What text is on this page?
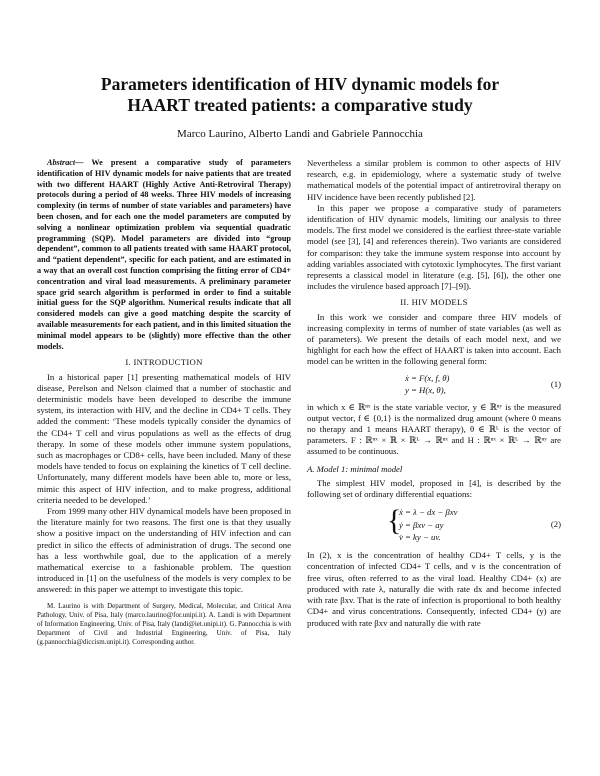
Parameters identification of HIV dynamic models for
HAART treated patients: a comparative study
Marco Laurino, Alberto Landi and Gabriele Pannocchia

Abstract— We present a comparative study of parameters identification of HIV dynamic models for naive patients that are treated with two different HAART (Highly Active Anti-Retroviral Therapy) protocols during a period of 48 weeks. Three HIV models of increasing complexity (in terms of number of state variables and parameters) have been chosen, and for each one the model parameters are computed by solving a nonlinear optimization problem via sequential quadratic programming (SQP). Model parameters are divided into “group dependent”, common to all patients treated with same HAART protocol, and “patient dependent”, specific for each patient, and are estimated in a way that an overall cost function comprising the fitting error of CD4+ concentration and viral load measurements. A preliminary parameter space grid search algorithm is performed in order to find a suitable initial guess for the SQP algorithm. Numerical results indicate that all considered models can give a good matching despite the scarcity of available measurements for each patient, and in this limited situation the minimal model appears to be (slightly) more effective than the other models.

I. INTRODUCTION

In a historical paper [1] presenting mathematical models of HIV disease, Perelson and Nelson claimed that a number of stochastic and deterministic models have been developed to describe the immune system, its interaction with HIV, and the decline in CD4+ T cells. They added the comment: ‘These models typically consider the dynamics of the CD4+ T cell and virus populations as well as the effects of drug therapy. In some of these models other immune system populations, such as macrophages or CD8+ cells, have been included. Many of these models have tended to focus on explaining the kinetics of T cell decline. Unfortunately, many different models have been able to, more or less, mimic this aspect of HIV infection, and to make progress, additional criteria needed to be developed.’

From 1999 many other HIV dynamical models have been proposed in the literature mainly for two reasons. The first one is that they usually show a positive impact on the understanding of HIV infection and can predict in silico the effects of administration of drugs. The second one has a less worthwhile goal, due to the application of a merely mathematical exercise to a fashionable problem. The question introduced in [1] on the usefulness of the models is very complex to be answered: in this paper we attempt to investigate this topic.

M. Laurino is with Department of Surgery, Medical, Molecular, and Critical Area Pathology, Univ. of Pisa, Italy (marco.laurino@for.unipi.it). A. Landi is with Department of Information Engineering, Univ. of Pisa, Italy (landi@iet.unipi.it). G. Pannocchia is with Department of Civil and Industrial Engineering, Univ. of Pisa, Italy (g.pannocchia@diccism.unipi.it). Corresponding author.

Nevertheless a similar problem is common to other aspects of HIV research, e.g. in epidemiology, where a systematic study of twelve mathematical models of the potential impact of antiretroviral therapy on HIV incidence have been recently published [2].

In this paper we propose a comparative study of parameters identification of HIV dynamic models, limiting our analysis to three models. The first model we considered is the earliest three-state variable model (see [3], [4] and references therein). Two variants are considered for comparison: they take the immune system response into account by adding variables associated with cytotoxic lymphocytes. The first variant represents a classical model in literature (e.g. [5], [6]), the other one includes the virulence based approach [7]–[9]).

II. HIV MODELS

In this work we consider and compare three HIV models of increasing complexity in terms of number of state variables (as well as of parameters). We present the details of each model next, and we highlight for each how the effect of HAART is taken into account. Each model can be written in the following general form:

ẋ = F(x, f, θ)
y = H(x, θ),
(1)

in which x ∈ ℝⁿˣ is the state variable vector, y ∈ ℝⁿʸ is the measured output vector, f ∈ {0,1} is the normalized drug amount (where 0 means no therapy and 1 means HAART therapy), θ ∈ ℝᴸ is the vector of parameters. F : ℝⁿˣ × ℝ × ℝᴸ → ℝⁿˣ and H : ℝⁿˣ × ℝᴸ → ℝⁿʸ are assumed to be continuous.

A. Model 1: minimal model

The simplest HIV model, proposed in [4], is described by the following set of ordinary differential equations:

{
ẋ = λ − dx − βxv
ẏ = βxv − ay
v̇ = ky − uv.
(2)

In (2), x is the concentration of healthy CD4+ T cells, y is the concentration of infected CD4+ T cells, and v is the concentration of free virus, often referred to as the viral load. Healthy CD4+ (x) are produced with rate λ, naturally die with rate dx and become infected with rate βxv. That is the rate of infection is proportional to both healthy CD4+ and virus concentrations. Consequently, infected CD4+ (y) are produced with rate βxv and naturally die with rate
